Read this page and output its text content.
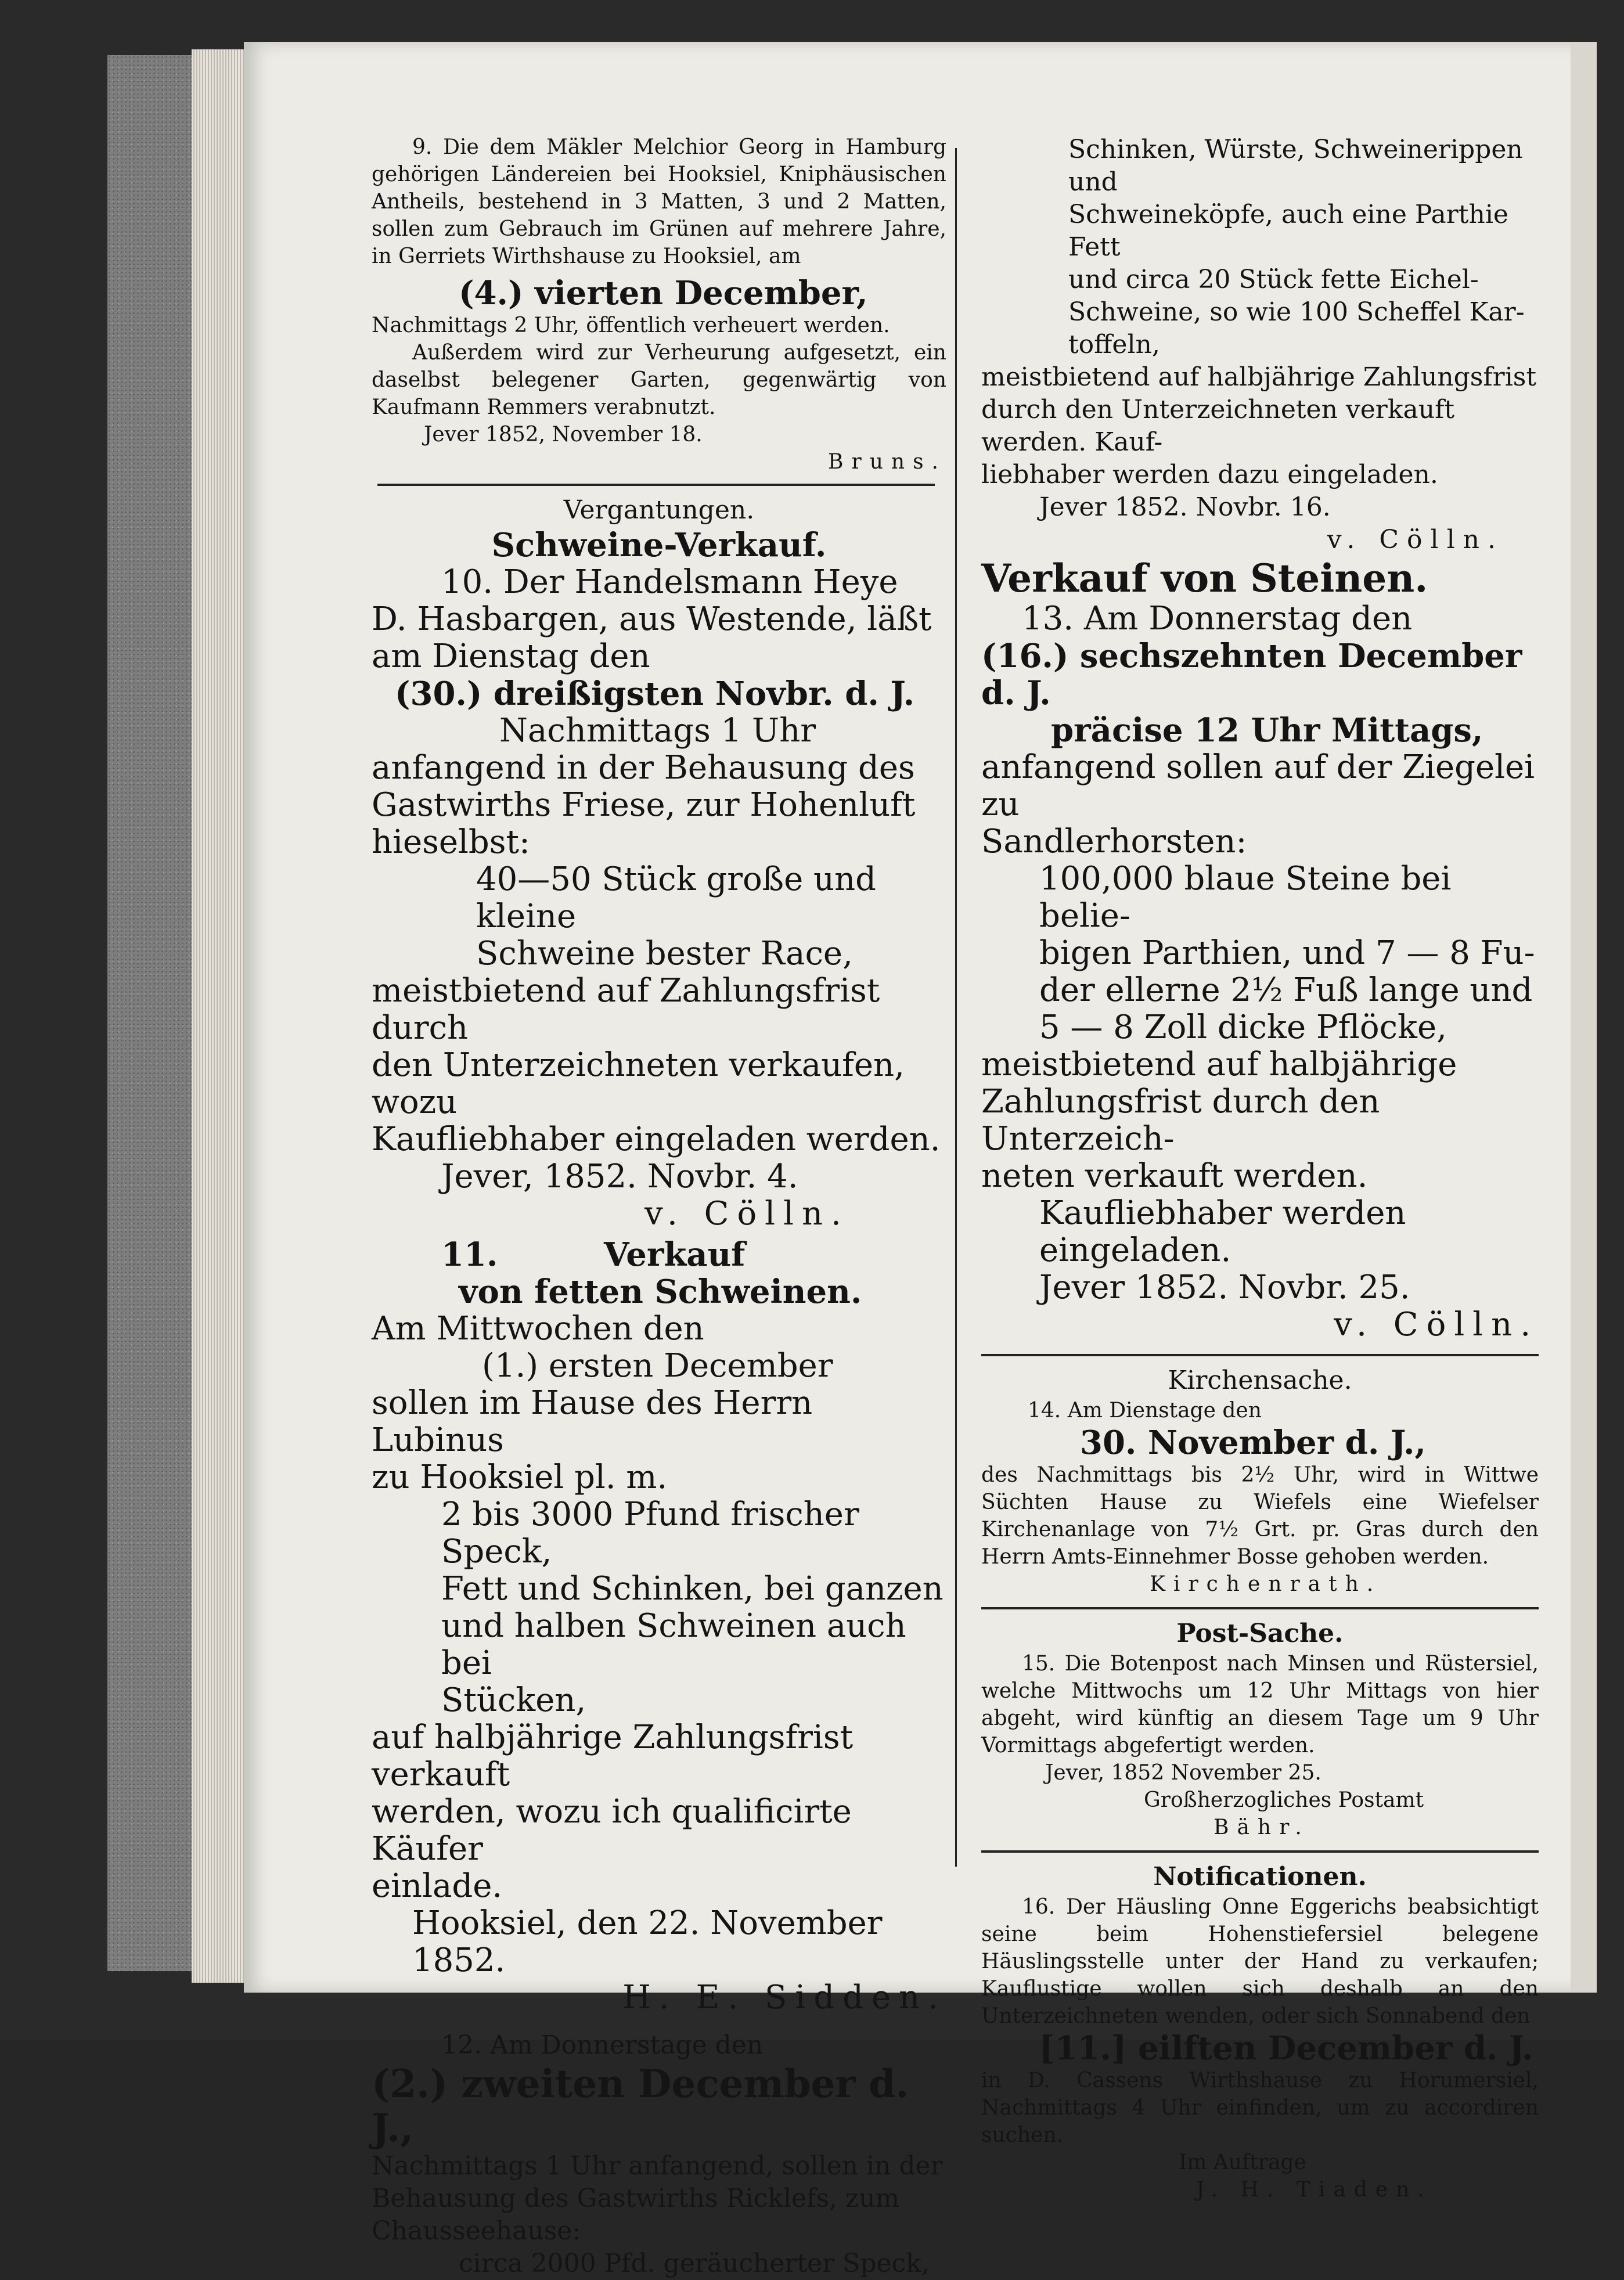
9. Die dem Mäkler Melchior Georg in Hamburg gehörigen Ländereien bei Hooksiel, Kniphäusischen Antheils, bestehend in 3 Matten, 3 und 2 Matten, sollen zum Gebrauch im Grünen auf mehrere Jahre, in Gerriets Wirthshause zu Hooksiel, am

(4.) vierten December,

Nachmittags 2 Uhr, öffentlich verheuert werden.

Außerdem wird zur Verheurung aufgesetzt, ein daselbst belegener Garten, gegenwärtig von Kaufmann Remmers verabnutzt.

Jever 1852, November 18.

Bruns.

Vergantungen.

Schweine-Verkauf.

10. Der Handelsmann Heye

D. Hasbargen, aus Westende, läßt

am Dienstag den

(30.) dreißigsten Novbr. d. J.

Nachmittags 1 Uhr

anfangend in der Behausung des

Gastwirths Friese, zur Hohenluft

hieselbst:

40—50 Stück große und kleine

Schweine bester Race,

meistbietend auf Zahlungsfrist durch

den Unterzeichneten verkaufen, wozu

Kaufliebhaber eingeladen werden.

Jever, 1852. Novbr. 4.

v. Cölln.

11.	Verkauf

von fetten Schweinen.

Am Mittwochen den

(1.) ersten December

sollen im Hause des Herrn Lubinus

zu Hooksiel pl. m.

2 bis 3000 Pfund frischer Speck,

Fett und Schinken, bei ganzen

und halben Schweinen auch bei

Stücken,

auf halbjährige Zahlungsfrist verkauft

werden, wozu ich qualificirte Käufer

einlade.

Hooksiel, den 22. November 1852.

H. E. Sidden.

12. Am Donnerstage den

(2.) zweiten December d. J.,

Nachmittags 1 Uhr anfangend, sollen in der

Behausung des Gastwirths Ricklefs, zum

Chausseehause:

circa 2000 Pfd. geräucherter Speck,

Schinken, Würste, Schweinerippen und

Schweineköpfe, auch eine Parthie Fett

und circa 20 Stück fette Eichel-

Schweine, so wie 100 Scheffel Kar-

toffeln,

meistbietend auf halbjährige Zahlungsfrist

durch den Unterzeichneten verkauft werden. Kauf-

liebhaber werden dazu eingeladen.

Jever 1852. Novbr. 16.

v. Cölln.

Verkauf von Steinen.

13. Am Donnerstag den

(16.) sechszehnten December d. J.

präcise 12 Uhr Mittags,

anfangend sollen auf der Ziegelei zu

Sandlerhorsten:

100,000 blaue Steine bei belie-

bigen Parthien, und 7 — 8 Fu-

der ellerne 2½ Fuß lange und

5 — 8 Zoll dicke Pflöcke,

meistbietend auf halbjährige

Zahlungsfrist durch den Unterzeich-

neten verkauft werden.

Kaufliebhaber werden eingeladen.

Jever 1852. Novbr. 25.

v. Cölln.

Kirchensache.

14. Am Dienstage den

30. November d. J.,

des Nachmittags bis 2½ Uhr, wird in Wittwe Süchten Hause zu Wiefels eine Wiefelser Kirchenanlage von 7½ Grt. pr. Gras durch den Herrn Amts-Einnehmer Bosse gehoben werden.

Kirchenrath.

Post-Sache.

15. Die Botenpost nach Minsen und Rüstersiel, welche Mittwochs um 12 Uhr Mittags von hier abgeht, wird künftig an diesem Tage um 9 Uhr Vormittags abgefertigt werden.

Jever, 1852 November 25.

Großherzogliches Postamt

Bähr.

Notificationen.

16. Der Häusling Onne Eggerichs beabsichtigt seine beim Hohenstiefersiel belegene Häuslingsstelle unter der Hand zu verkaufen; Kauflustige wollen sich deshalb an den Unterzeichneten wenden, oder sich Sonnabend den

[11.] eilften December d. J.

in D. Cassens Wirthshause zu Horumersiel, Nachmittags 4 Uhr einfinden, um zu accordiren suchen.

Im Auftrage

J. H. Tiaden.
